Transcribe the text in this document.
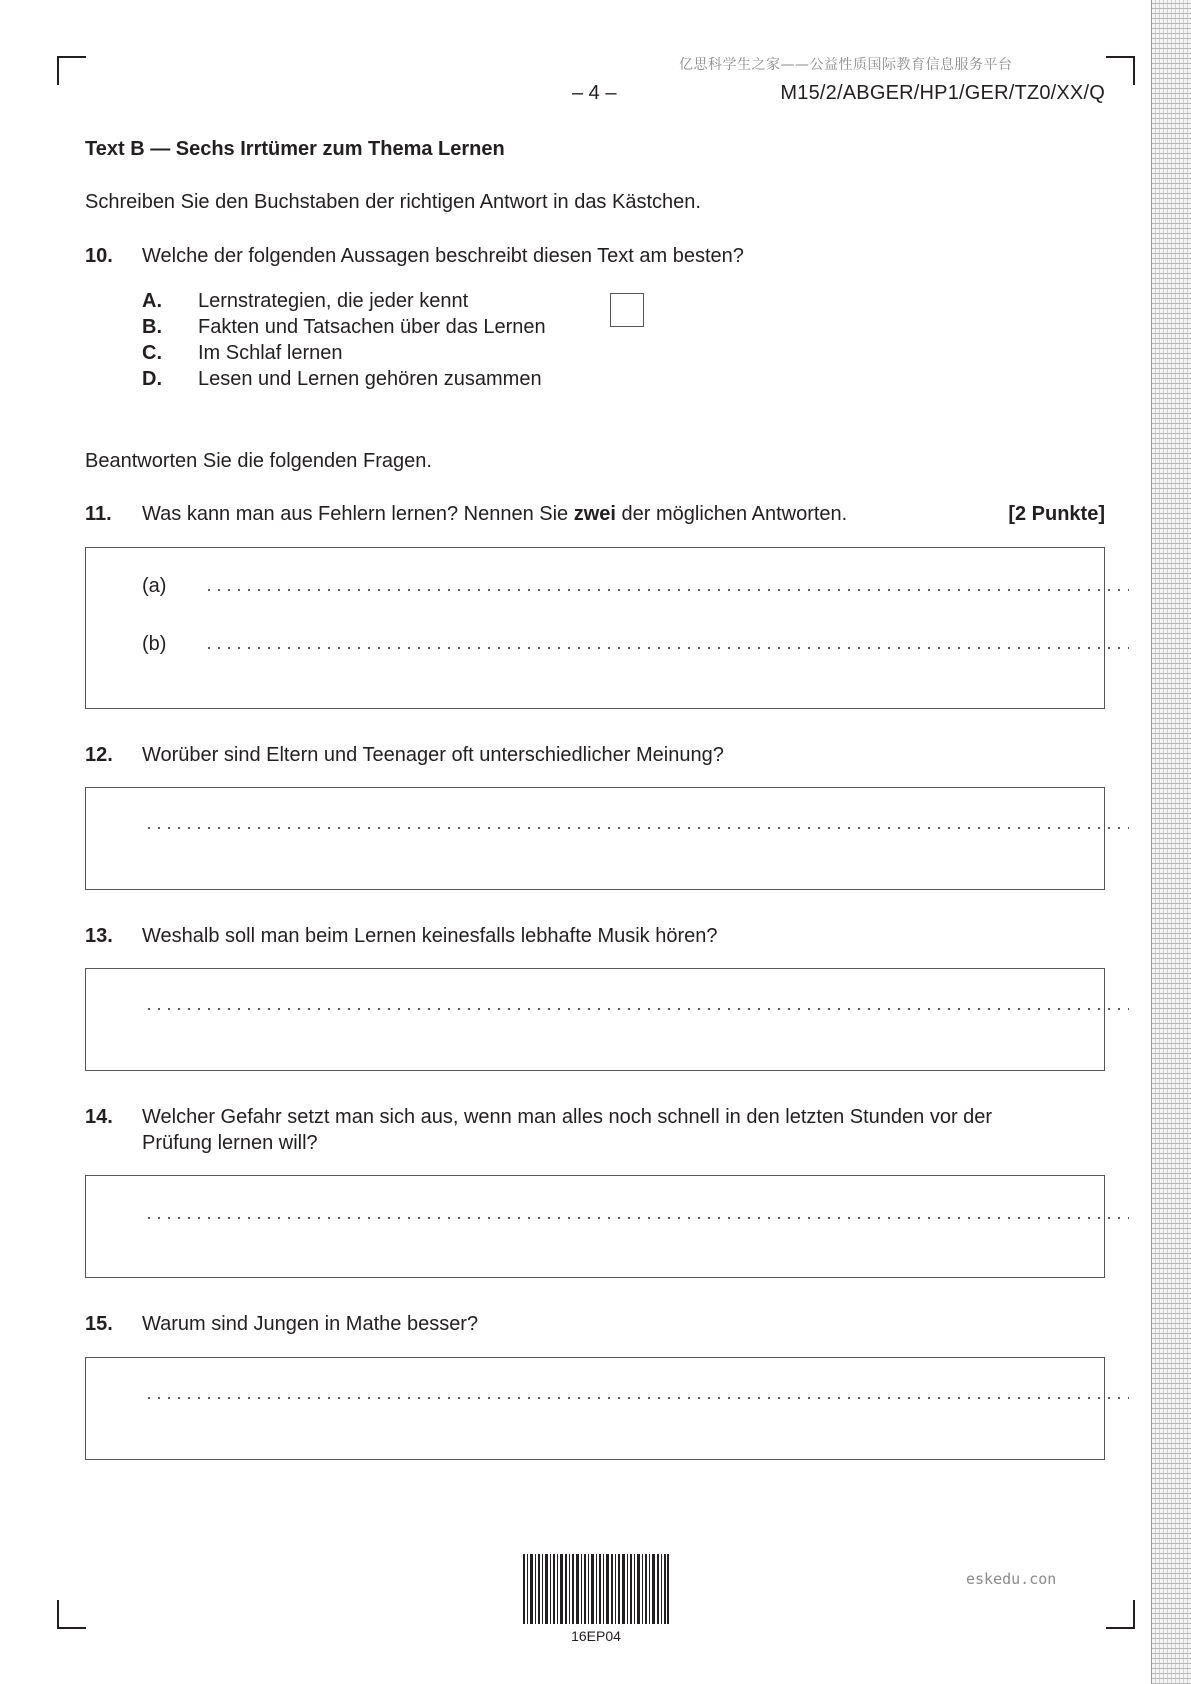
亿思科学生之家——公益性质国际教育信息服务平台
– 4 –	M15/2/ABGER/HP1/GER/TZ0/XX/Q
Text B — Sechs Irrtümer zum Thema Lernen
Schreiben Sie den Buchstaben der richtigen Antwort in das Kästchen.
10. Welche der folgenden Aussagen beschreibt diesen Text am besten?
A. Lernstrategien, die jeder kennt
B. Fakten und Tatsachen über das Lernen
C. Im Schlaf lernen
D. Lesen und Lernen gehören zusammen
Beantworten Sie die folgenden Fragen.
11. Was kann man aus Fehlern lernen? Nennen Sie zwei der möglichen Antworten.	[2 Punkte]
(a)
(b)
12. Worüber sind Eltern und Teenager oft unterschiedlicher Meinung?
13. Weshalb soll man beim Lernen keinesfalls lebhafte Musik hören?
14. Welcher Gefahr setzt man sich aus, wenn man alles noch schnell in den letzten Stunden vor der
Prüfung lernen will?
15. Warum sind Jungen in Mathe besser?
16EP04
eskedu.con
